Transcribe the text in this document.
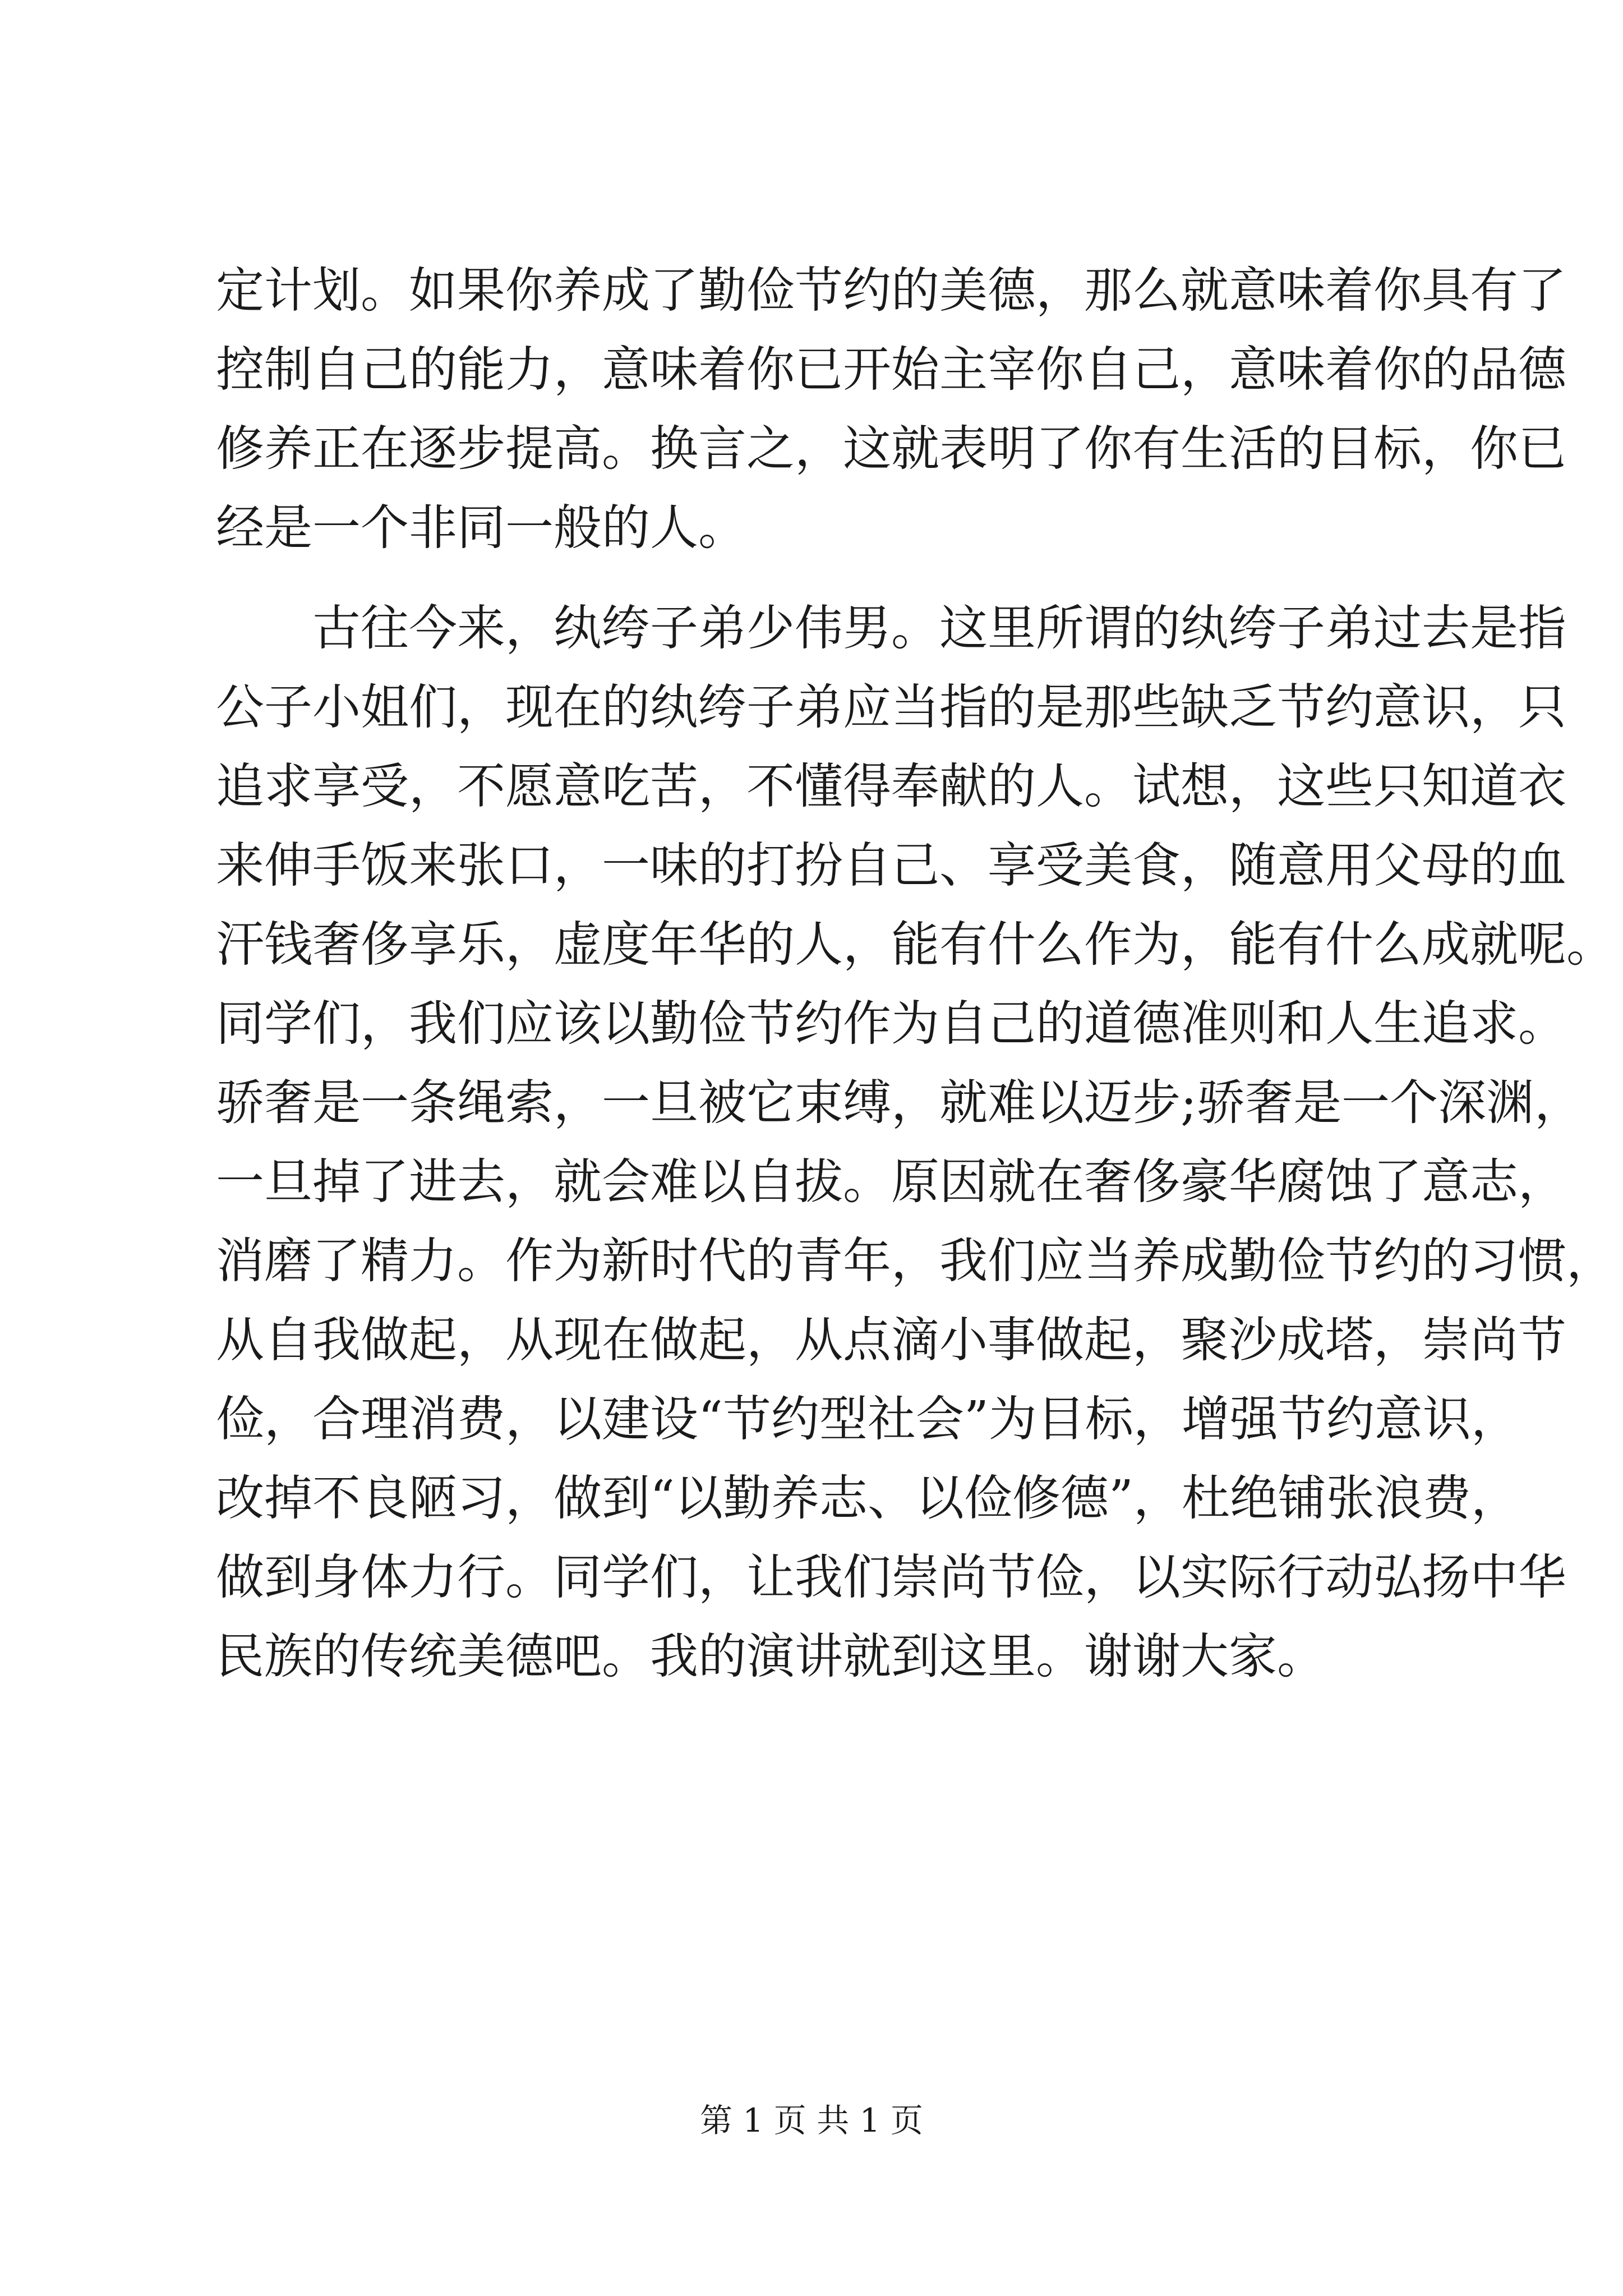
定计划。如果你养成了勤俭节约的美德，那么就意味着你具有了
控制自己的能力，意味着你已开始主宰你自己，意味着你的品德
修养正在逐步提高。换言之，这就表明了你有生活的目标，你已
经是一个非同一般的人。
古往今来，纨绔子弟少伟男。这里所谓的纨绔子弟过去是指
公子小姐们，现在的纨绔子弟应当指的是那些缺乏节约意识，只
追求享受，不愿意吃苦，不懂得奉献的人。试想，这些只知道衣
来伸手饭来张口，一味的打扮自己、享受美食，随意用父母的血
汗钱奢侈享乐，虚度年华的人，能有什么作为，能有什么成就呢。
同学们，我们应该以勤俭节约作为自己的道德准则和人生追求。
骄奢是一条绳索，一旦被它束缚，就难以迈步;骄奢是一个深渊，
一旦掉了进去，就会难以自拔。原因就在奢侈豪华腐蚀了意志，
消磨了精力。作为新时代的青年，我们应当养成勤俭节约的习惯，
从自我做起，从现在做起，从点滴小事做起，聚沙成塔，崇尚节
俭，合理消费，以建设“节约型社会”为目标，增强节约意识，
改掉不良陋习，做到“以勤养志、以俭修德”，杜绝铺张浪费，
做到身体力行。同学们，让我们崇尚节俭，以实际行动弘扬中华
民族的传统美德吧。我的演讲就到这里。谢谢大家。
第 1 页 共 1 页
